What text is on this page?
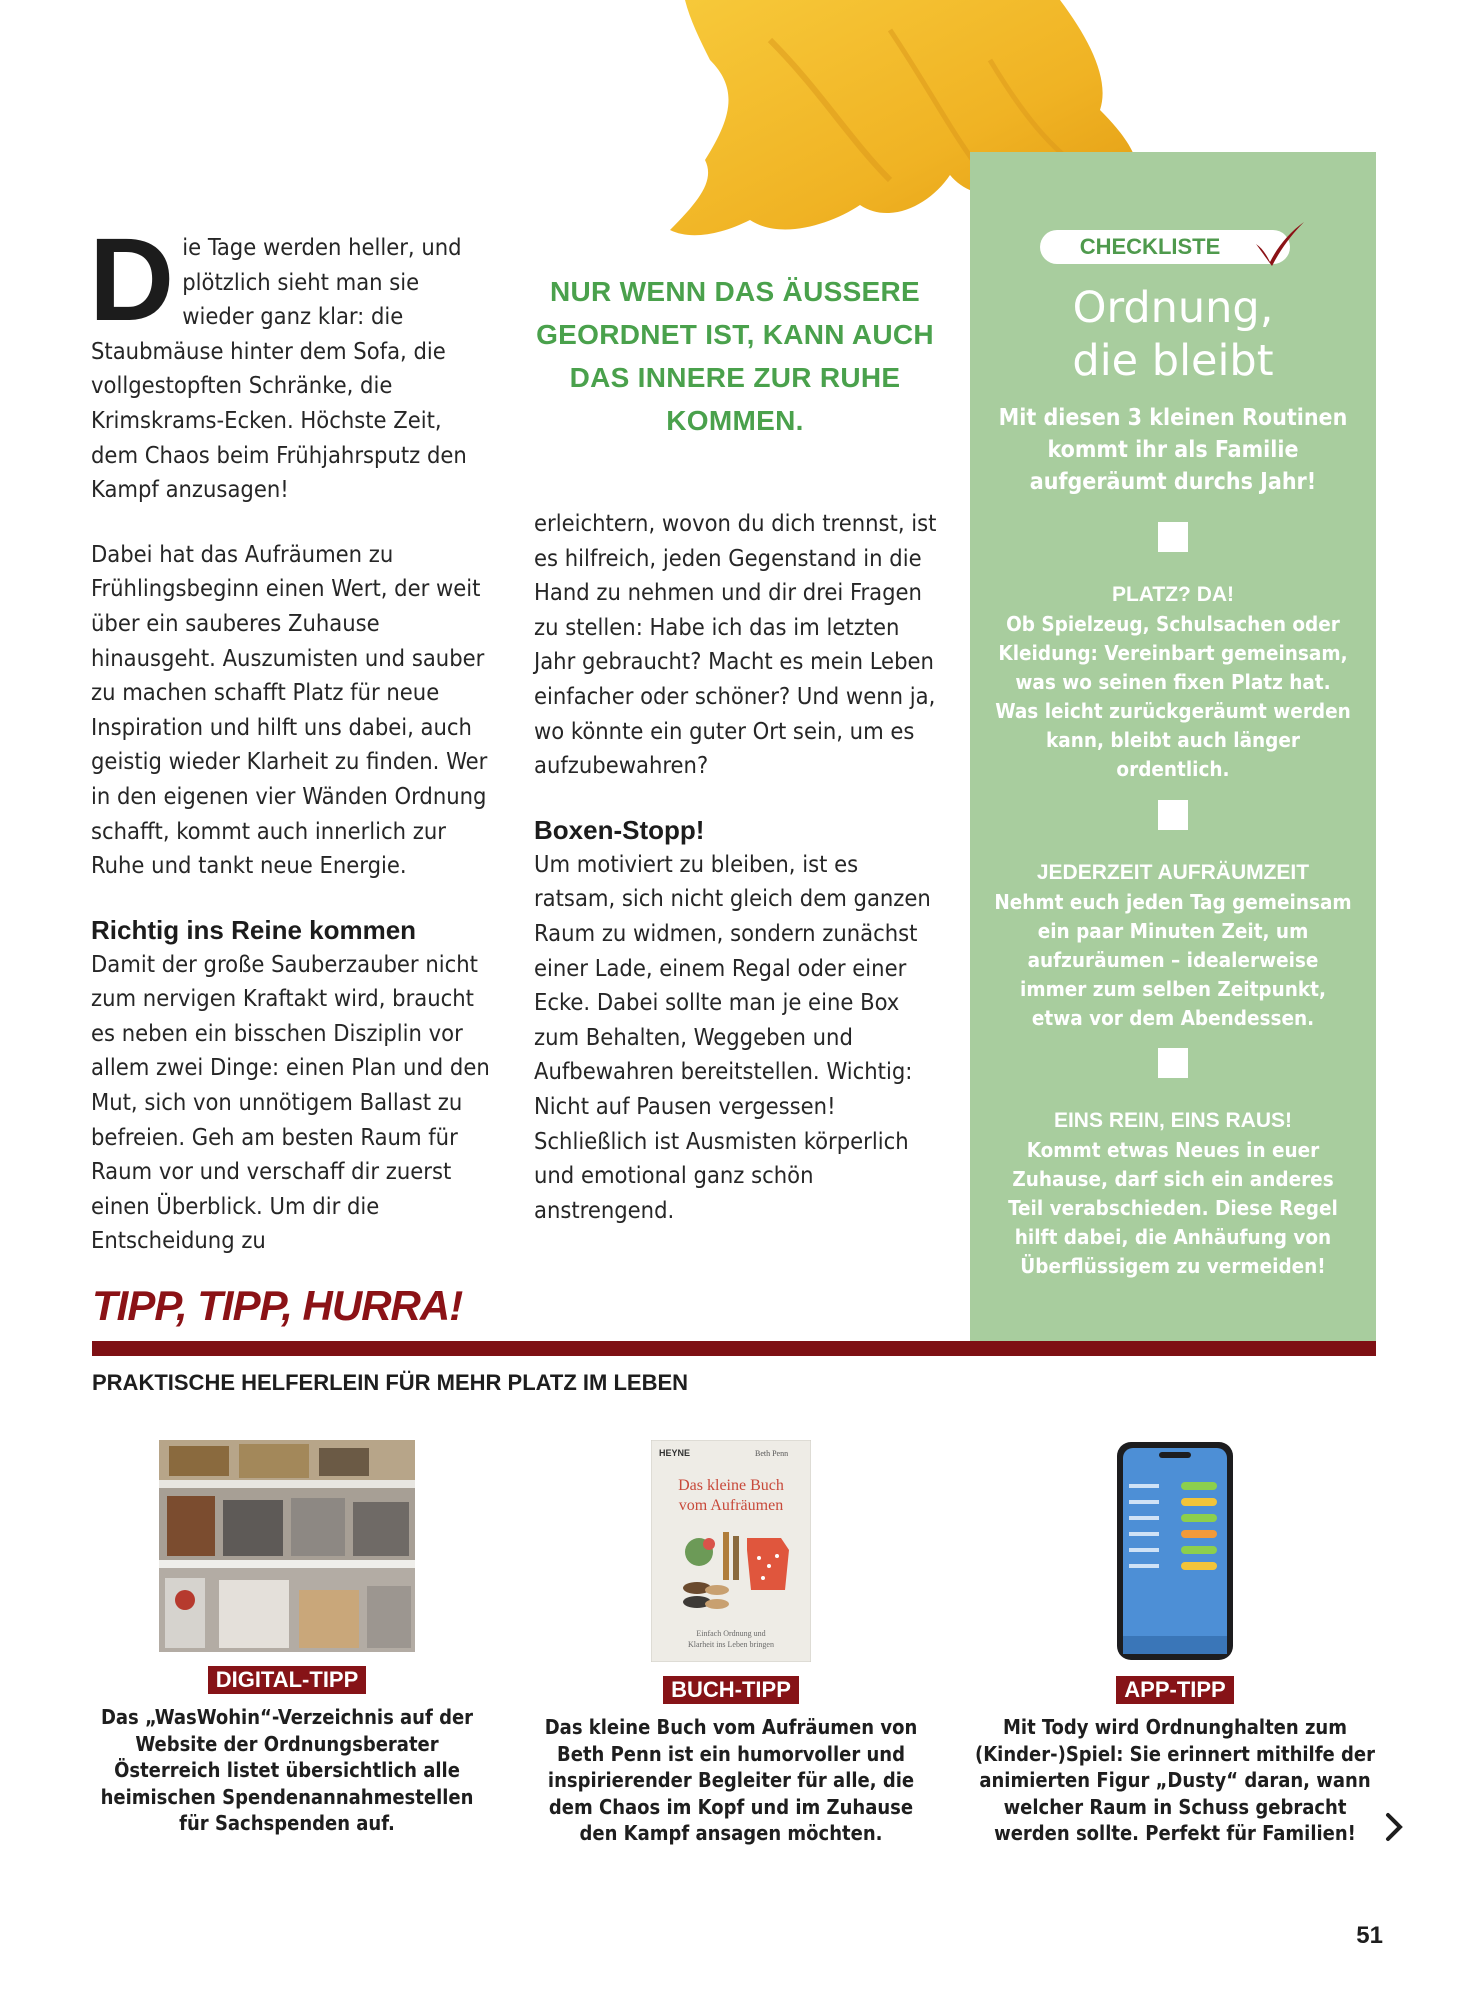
Die Tage werden heller, und plötzlich sieht man sie wieder ganz klar: die Staubmäuse hinter dem Sofa, die vollgestopften Schränke, die Krimskrams-Ecken. Höchste Zeit, dem Chaos beim Frühjahrsputz den Kampf anzusagen!

Dabei hat das Aufräumen zu Frühlingsbeginn einen Wert, der weit über ein sauberes Zuhause hinausgeht. Auszumisten und sauber zu machen schafft Platz für neue Inspiration und hilft uns dabei, auch geistig wieder Klarheit zu finden. Wer in den eigenen vier Wänden Ordnung schafft, kommt auch innerlich zur Ruhe und tankt neue Energie.

Richtig ins Reine kommen

Damit der große Sauberzauber nicht zum nervigen Kraftakt wird, braucht es neben ein bisschen Disziplin vor allem zwei Dinge: einen Plan und den Mut, sich von unnötigem Ballast zu befreien. Geh am besten Raum für Raum vor und verschaff dir zuerst einen Überblick. Um dir die Entscheidung zu

NUR WENN DAS ÄUSSERE GEORDNET IST, KANN AUCH DAS INNERE ZUR RUHE KOMMEN.

erleichtern, wovon du dich trennst, ist es hilfreich, jeden Gegenstand in die Hand zu nehmen und dir drei Fragen zu stellen: Habe ich das im letzten Jahr gebraucht? Macht es mein Leben einfacher oder schöner? Und wenn ja, wo könnte ein guter Ort sein, um es aufzubewahren?

Boxen-Stopp!

Um motiviert zu bleiben, ist es ratsam, sich nicht gleich dem ganzen Raum zu widmen, sondern zunächst einer Lade, einem Regal oder einer Ecke. Dabei sollte man je eine Box zum Behalten, Weggeben und Aufbewahren bereitstellen. Wichtig: Nicht auf Pausen vergessen! Schließlich ist Ausmisten körperlich und emotional ganz schön anstrengend.

CHECKLISTE
Ordnung,
die bleibt
Mit diesen 3 kleinen Routinen kommt ihr als Familie aufgeräumt durchs Jahr!
PLATZ? DA!
Ob Spielzeug, Schulsachen oder Kleidung: Vereinbart gemeinsam, was wo seinen fixen Platz hat. Was leicht zurückgeräumt werden kann, bleibt auch länger ordentlich.
JEDERZEIT AUFRÄUMZEIT
Nehmt euch jeden Tag gemeinsam ein paar Minuten Zeit, um aufzuräumen – idealerweise immer zum selben Zeitpunkt, etwa vor dem Abendessen.
EINS REIN, EINS RAUS!
Kommt etwas Neues in euer Zuhause, darf sich ein anderes Teil verabschieden. Diese Regel hilft dabei, die Anhäufung von Überflüssigem zu vermeiden!
TIPP, TIPP, HURRA!
PRAKTISCHE HELFERLEIN FÜR MEHR PLATZ IM LEBEN
DIGITAL-TIPP
Das „WasWohin“-Verzeichnis auf der Website der Ordnungsberater Österreich listet übersichtlich alle heimischen Spendenannahmestellen für Sachspenden auf.
HEYNE	Beth Penn
Das kleine Buch
vom Aufräumen
Einfach Ordnung und
Klarheit ins Leben bringen
BUCH-TIPP
Das kleine Buch vom Aufräumen von Beth Penn ist ein humorvoller und inspirierender Begleiter für alle, die dem Chaos im Kopf und im Zuhause den Kampf ansagen möchten.
APP-TIPP
Mit Tody wird Ordnunghalten zum (Kinder-)Spiel: Sie erinnert mithilfe der animierten Figur „Dusty“ daran, wann welcher Raum in Schuss gebracht werden sollte. Perfekt für Familien!
51
